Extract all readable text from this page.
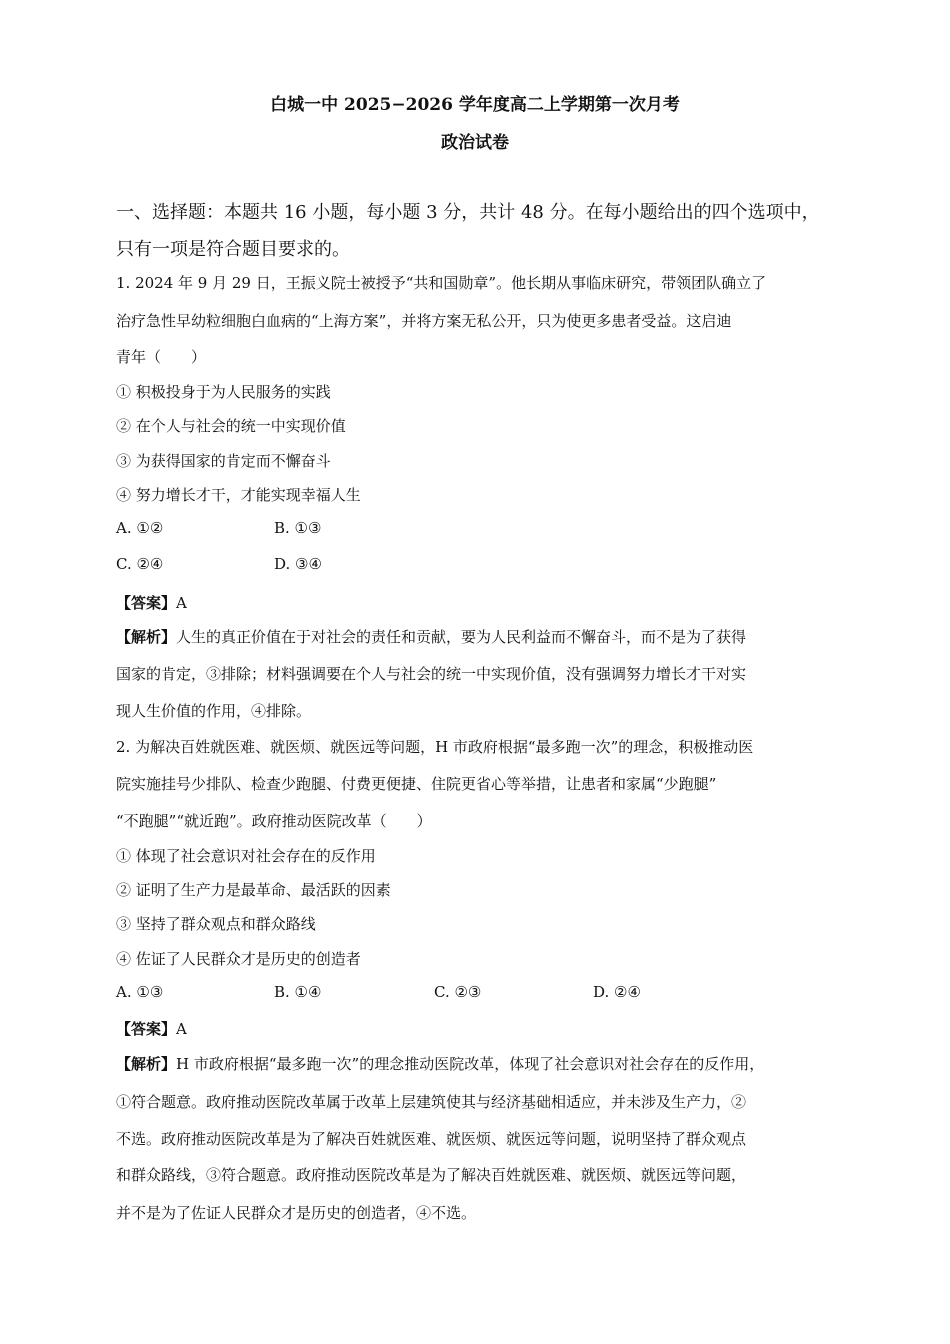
白城一中 2025−2026 学年度高二上学期第一次月考
政治试卷
一、选择题：本题共 16 小题，每小题 3 分，共计 48 分。在每小题给出的四个选项中，
只有一项是符合题目要求的。
1. 2024 年 9 月 29 日，王振义院士被授予“共和国勋章”。他长期从事临床研究，带领团队确立了
治疗急性早幼粒细胞白血病的“上海方案”，并将方案无私公开，只为使更多患者受益。这启迪
青年（　　）
① 积极投身于为人民服务的实践
② 在个人与社会的统一中实现价值
③ 为获得国家的肯定而不懈奋斗
④ 努力增长才干，才能实现幸福人生
A. ①②	B. ①③
C. ②④	D. ③④
【答案】A
【解析】人生的真正价值在于对社会的责任和贡献，要为人民利益而不懈奋斗，而不是为了获得
国家的肯定，③排除；材料强调要在个人与社会的统一中实现价值，没有强调努力增长才干对实
现人生价值的作用，④排除。
2. 为解决百姓就医难、就医烦、就医远等问题，H 市政府根据“最多跑一次”的理念，积极推动医
院实施挂号少排队、检查少跑腿、付费更便捷、住院更省心等举措，让患者和家属“少跑腿”
“不跑腿”“就近跑”。政府推动医院改革（　　）
① 体现了社会意识对社会存在的反作用
② 证明了生产力是最革命、最活跃的因素
③ 坚持了群众观点和群众路线
④ 佐证了人民群众才是历史的创造者
A. ①③	B. ①④	C. ②③	D. ②④
【答案】A
【解析】H 市政府根据“最多跑一次”的理念推动医院改革，体现了社会意识对社会存在的反作用，
①符合题意。政府推动医院改革属于改革上层建筑使其与经济基础相适应，并未涉及生产力，②
不选。政府推动医院改革是为了解决百姓就医难、就医烦、就医远等问题，说明坚持了群众观点
和群众路线，③符合题意。政府推动医院改革是为了解决百姓就医难、就医烦、就医远等问题，
并不是为了佐证人民群众才是历史的创造者，④不选。
